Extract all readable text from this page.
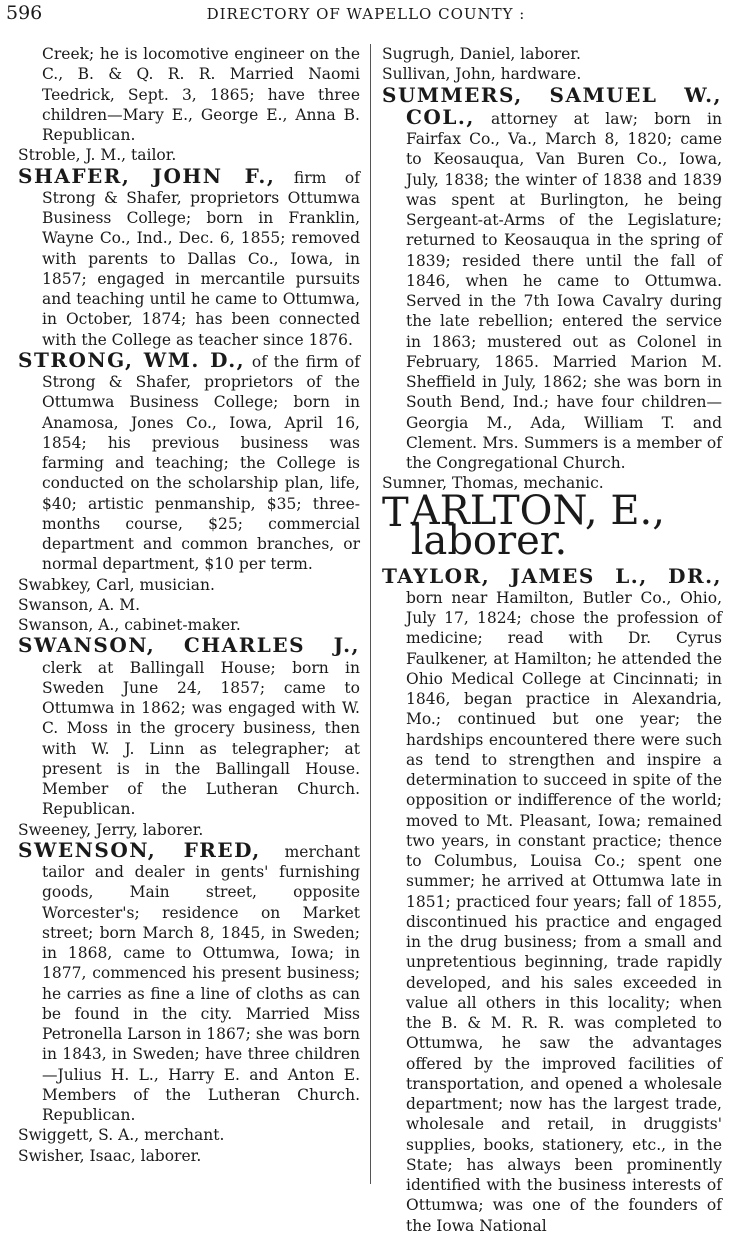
596	DIRECTORY OF WAPELLO COUNTY :

Creek; he is locomotive engineer on the C., B. & Q. R. R. Married Naomi Teedrick, Sept. 3, 1865; have three children—Mary E., George E., Anna B. Republican.

Stroble, J. M., tailor.

SHAFER, JOHN F., firm of Strong & Shafer, proprietors Ottumwa Business College; born in Franklin, Wayne Co., Ind., Dec. 6, 1855; removed with parents to Dallas Co., Iowa, in 1857; engaged in mercantile pursuits and teaching until he came to Ottumwa, in October, 1874; has been connected with the College as teacher since 1876.

STRONG, WM. D., of the firm of Strong & Shafer, proprietors of the Ottumwa Business College; born in Anamosa, Jones Co., Iowa, April 16, 1854; his previous business was farming and teaching; the College is conducted on the scholarship plan, life, $40; artistic penmanship, $35; three-months course, $25; commercial department and common branches, or normal department, $10 per term.

Swabkey, Carl, musician.

Swanson, A. M.

Swanson, A., cabinet-maker.

SWANSON, CHARLES J., clerk at Ballingall House; born in Sweden June 24, 1857; came to Ottumwa in 1862; was engaged with W. C. Moss in the grocery business, then with W. J. Linn as telegrapher; at present is in the Ballingall House. Member of the Lutheran Church. Republican.

Sweeney, Jerry, laborer.

SWENSON, FRED, merchant tailor and dealer in gents' furnishing goods, Main street, opposite Worcester's; residence on Market street; born March 8, 1845, in Sweden; in 1868, came to Ottumwa, Iowa; in 1877, commenced his present business; he carries as fine a line of cloths as can be found in the city. Married Miss Petronella Larson in 1867; she was born in 1843, in Sweden; have three children—Julius H. L., Harry E. and Anton E. Members of the Lutheran Church. Republican.

Swiggett, S. A., merchant.

Swisher, Isaac, laborer.

Sugrugh, Daniel, laborer.

Sullivan, John, hardware.

SUMMERS, SAMUEL W., COL., attorney at law; born in Fairfax Co., Va., March 8, 1820; came to Keosauqua, Van Buren Co., Iowa, July, 1838; the winter of 1838 and 1839 was spent at Burlington, he being Sergeant-at-Arms of the Legislature; returned to Keosauqua in the spring of 1839; resided there until the fall of 1846, when he came to Ottumwa. Served in the 7th Iowa Cavalry during the late rebellion; entered the service in 1863; mustered out as Colonel in February, 1865. Married Marion M. Sheffield in July, 1862; she was born in South Bend, Ind.; have four children—Georgia M., Ada, William T. and Clement. Mrs. Summers is a member of the Congregational Church.

Sumner, Thomas, mechanic.

T ARLTON, E., laborer.

TAYLOR, JAMES L., DR., born near Hamilton, Butler Co., Ohio, July 17, 1824; chose the profession of medicine; read with Dr. Cyrus Faulkener, at Hamilton; he attended the Ohio Medical College at Cincinnati; in 1846, began practice in Alexandria, Mo.; continued but one year; the hardships encountered there were such as tend to strengthen and inspire a determination to succeed in spite of the opposition or indifference of the world; moved to Mt. Pleasant, Iowa; remained two years, in constant practice; thence to Columbus, Louisa Co.; spent one summer; he arrived at Ottumwa late in 1851; practiced four years; fall of 1855, discontinued his practice and engaged in the drug business; from a small and unpretentious beginning, trade rapidly developed, and his sales exceeded in value all others in this locality; when the B. & M. R. R. was completed to Ottumwa, he saw the advantages offered by the improved facilities of transportation, and opened a wholesale department; now has the largest trade, wholesale and retail, in druggists' supplies, books, stationery, etc., in the State; has always been prominently identified with the business interests of Ottumwa; was one of the founders of the Iowa National
